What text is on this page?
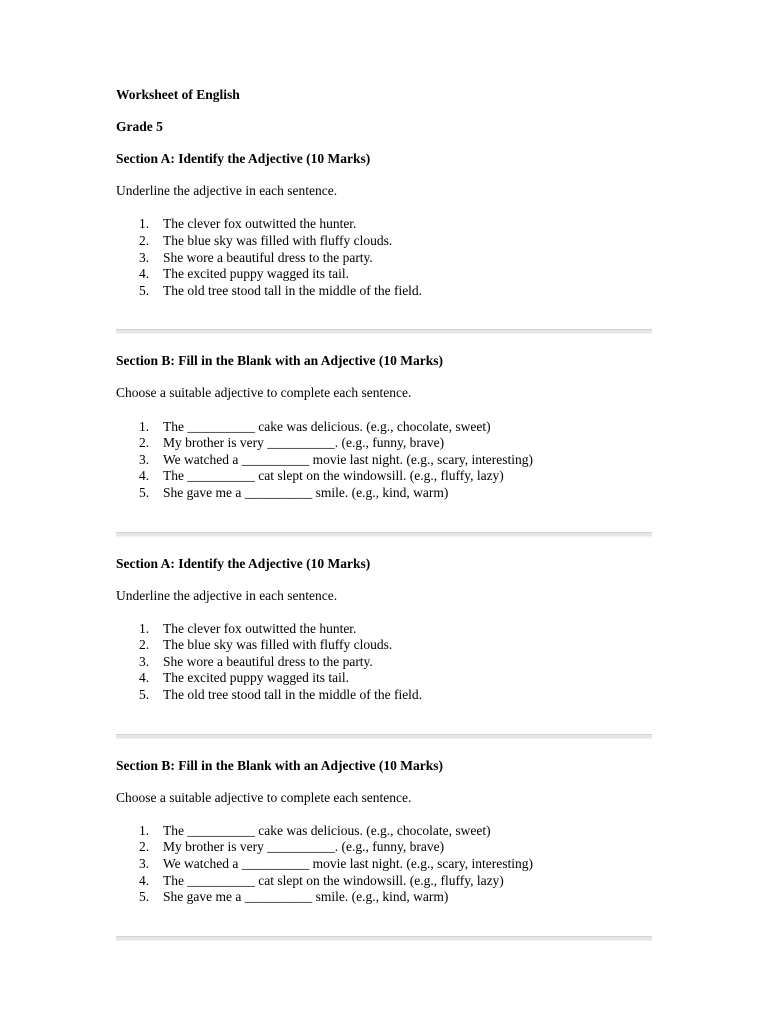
Worksheet of English
Grade 5
Section A: Identify the Adjective (10 Marks)
Underline the adjective in each sentence.
1.	The clever fox outwitted the hunter.
2.	The blue sky was filled with fluffy clouds.
3.	She wore a beautiful dress to the party.
4.	The excited puppy wagged its tail.
5.	The old tree stood tall in the middle of the field.
Section B: Fill in the Blank with an Adjective (10 Marks)
Choose a suitable adjective to complete each sentence.
1.	The __________ cake was delicious. (e.g., chocolate, sweet)
2.	My brother is very __________. (e.g., funny, brave)
3.	We watched a __________ movie last night. (e.g., scary, interesting)
4.	The __________ cat slept on the windowsill. (e.g., fluffy, lazy)
5.	She gave me a __________ smile. (e.g., kind, warm)
Section A: Identify the Adjective (10 Marks)
Underline the adjective in each sentence.
1.	The clever fox outwitted the hunter.
2.	The blue sky was filled with fluffy clouds.
3.	She wore a beautiful dress to the party.
4.	The excited puppy wagged its tail.
5.	The old tree stood tall in the middle of the field.
Section B: Fill in the Blank with an Adjective (10 Marks)
Choose a suitable adjective to complete each sentence.
1.	The __________ cake was delicious. (e.g., chocolate, sweet)
2.	My brother is very __________. (e.g., funny, brave)
3.	We watched a __________ movie last night. (e.g., scary, interesting)
4.	The __________ cat slept on the windowsill. (e.g., fluffy, lazy)
5.	She gave me a __________ smile. (e.g., kind, warm)
